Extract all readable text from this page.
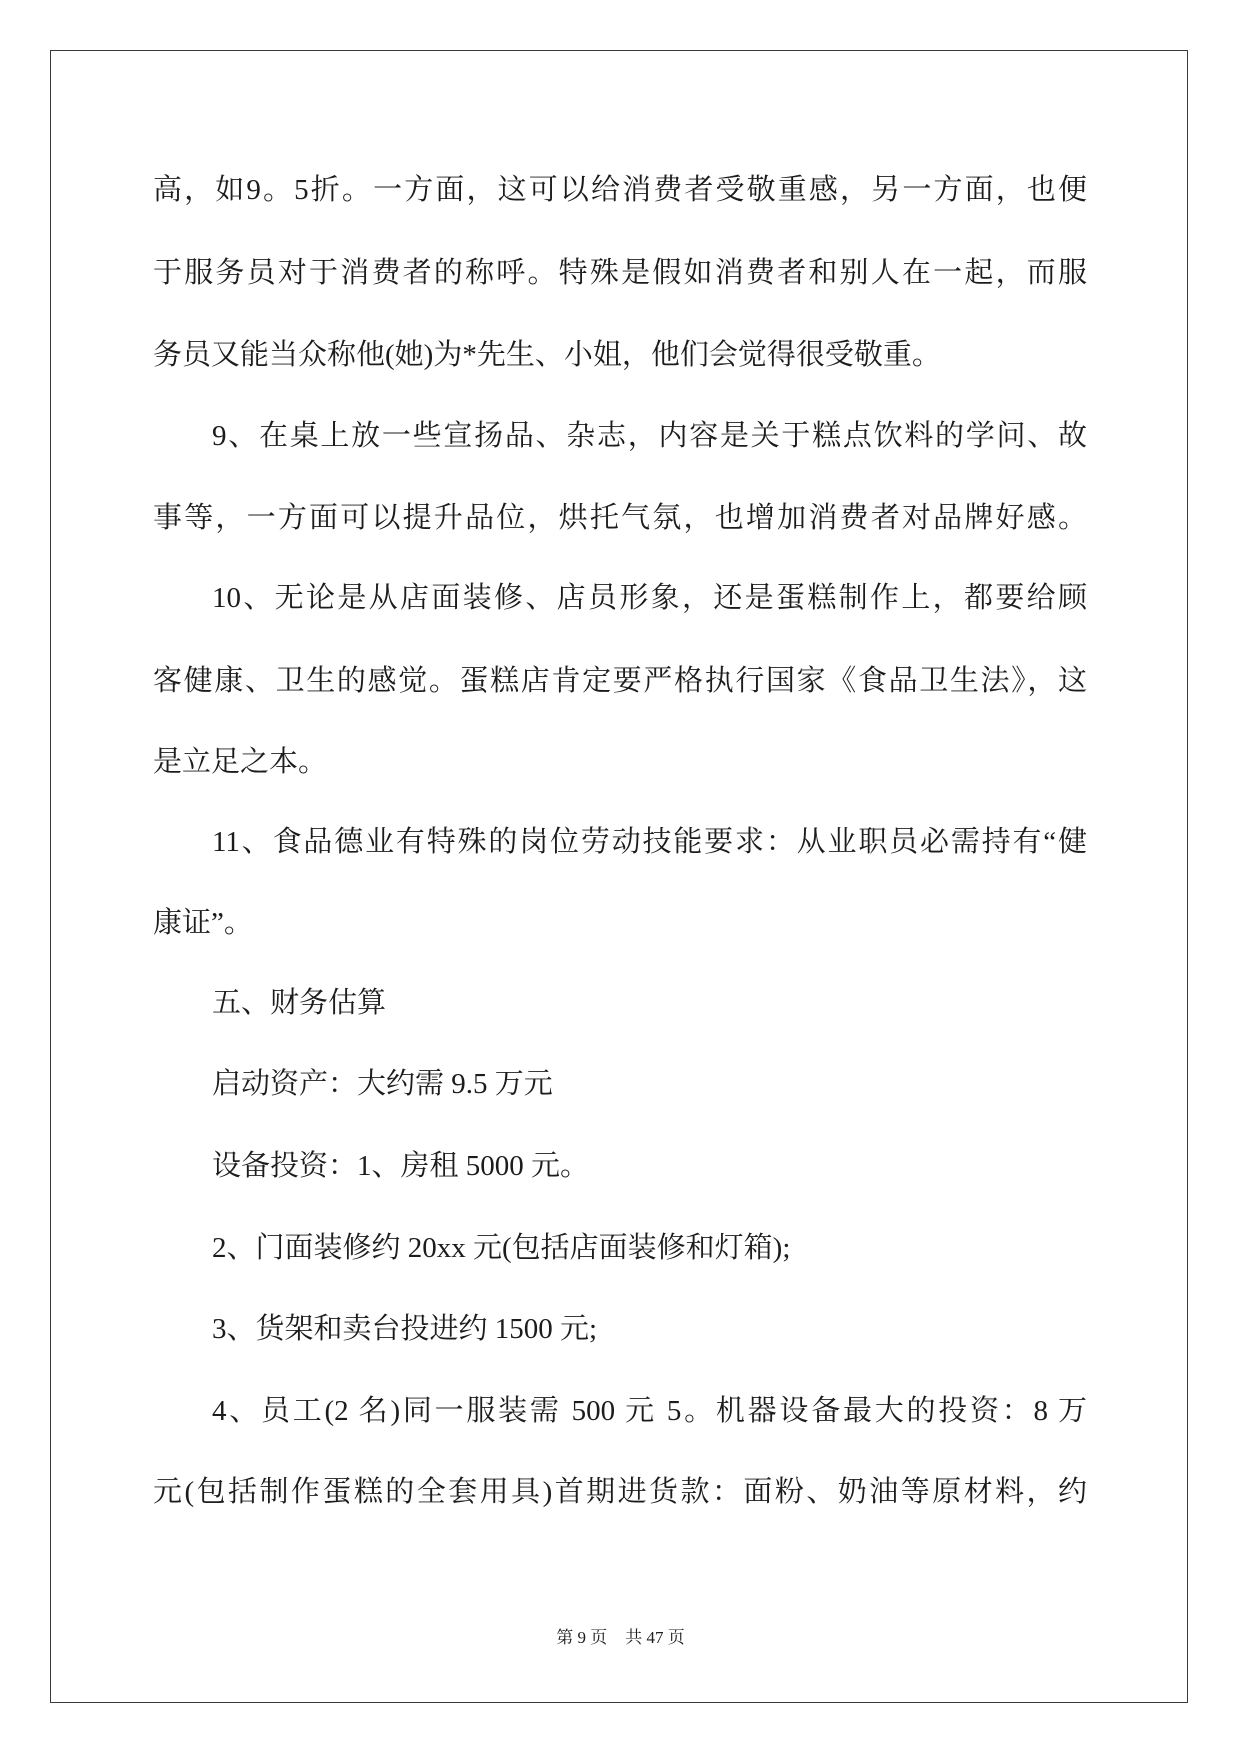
高，如9。5折。一方面，这可以给消费者受敬重感，另一方面，也便
于服务员对于消费者的称呼。特殊是假如消费者和别人在一起，而服
务员又能当众称他(她)为*先生、小姐，他们会觉得很受敬重。
9、在桌上放一些宣扬品、杂志，内容是关于糕点饮料的学问、故
事等，一方面可以提升品位，烘托气氛，也增加消费者对品牌好感。
10、无论是从店面装修、店员形象，还是蛋糕制作上，都要给顾
客健康、卫生的感觉。蛋糕店肯定要严格执行国家《食品卫生法》，这
是立足之本。
11、食品德业有特殊的岗位劳动技能要求：从业职员必需持有“健
康证”。
五、财务估算
启动资产：大约需 9.5 万元
设备投资：1、房租 5000 元。
2、门面装修约 20xx 元(包括店面装修和灯箱);
3、货架和卖台投进约 1500 元;
4、员工(2 名)同一服装需 500 元 5。机器设备最大的投资：8 万
元(包括制作蛋糕的全套用具)首期进货款：面粉、奶油等原材料，约
第 9 页 共 47 页
